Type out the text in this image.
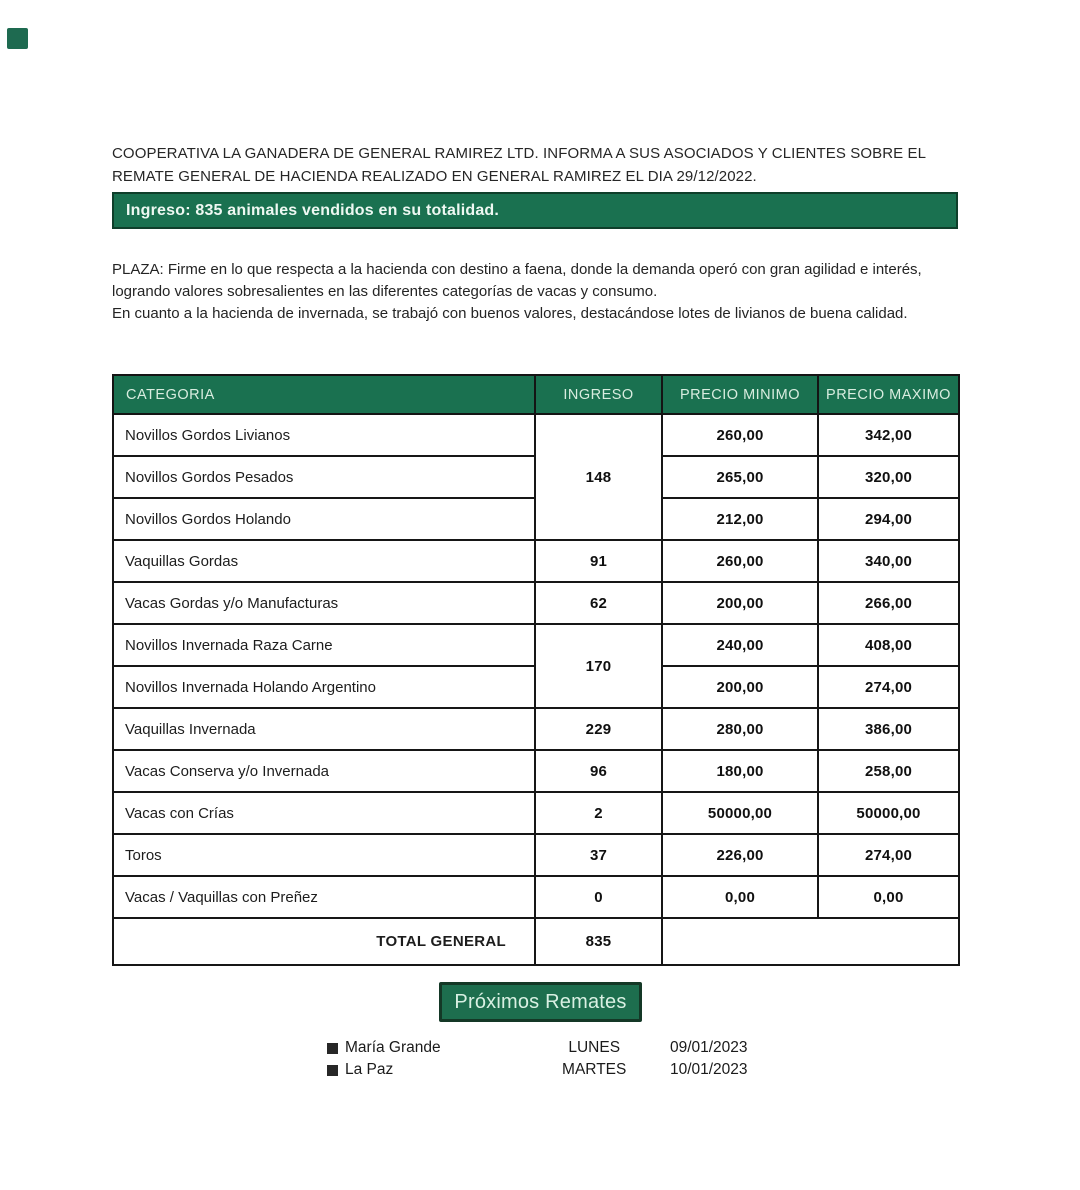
COOPERATIVA LA GANADERA DE GENERAL RAMIREZ LTD. INFORMA A SUS ASOCIADOS Y CLIENTES SOBRE EL REMATE GENERAL DE HACIENDA REALIZADO EN GENERAL RAMIREZ EL DIA 29/12/2022.
Ingreso: 835 animales vendidos en su totalidad.
PLAZA: Firme en lo que respecta a la hacienda con destino a faena, donde la demanda operó con gran agilidad e interés, logrando valores sobresalientes en las diferentes categorías de vacas y consumo.
En cuanto a la hacienda de invernada, se trabajó con buenos valores, destacándose lotes de livianos de buena calidad.
CATEGORIA	INGRESO	PRECIO MINIMO	PRECIO MAXIMO
Novillos Gordos Livianos	148	260,00	342,00
Novillos Gordos Pesados		265,00	320,00
Novillos Gordos Holando		212,00	294,00
Vaquillas Gordas	91	260,00	340,00
Vacas Gordas y/o Manufacturas	62	200,00	266,00
Novillos Invernada Raza Carne	170	240,00	408,00
Novillos Invernada Holando Argentino		200,00	274,00
Vaquillas Invernada	229	280,00	386,00
Vacas Conserva y/o Invernada	96	180,00	258,00
Vacas con Crías	2	50000,00	50000,00
Toros	37	226,00	274,00
Vacas / Vaquillas con Preñez	0	0,00	0,00
TOTAL GENERAL	835		
Próximos Remates
María Grande	LUNES	09/01/2023
La Paz	MARTES	10/01/2023
